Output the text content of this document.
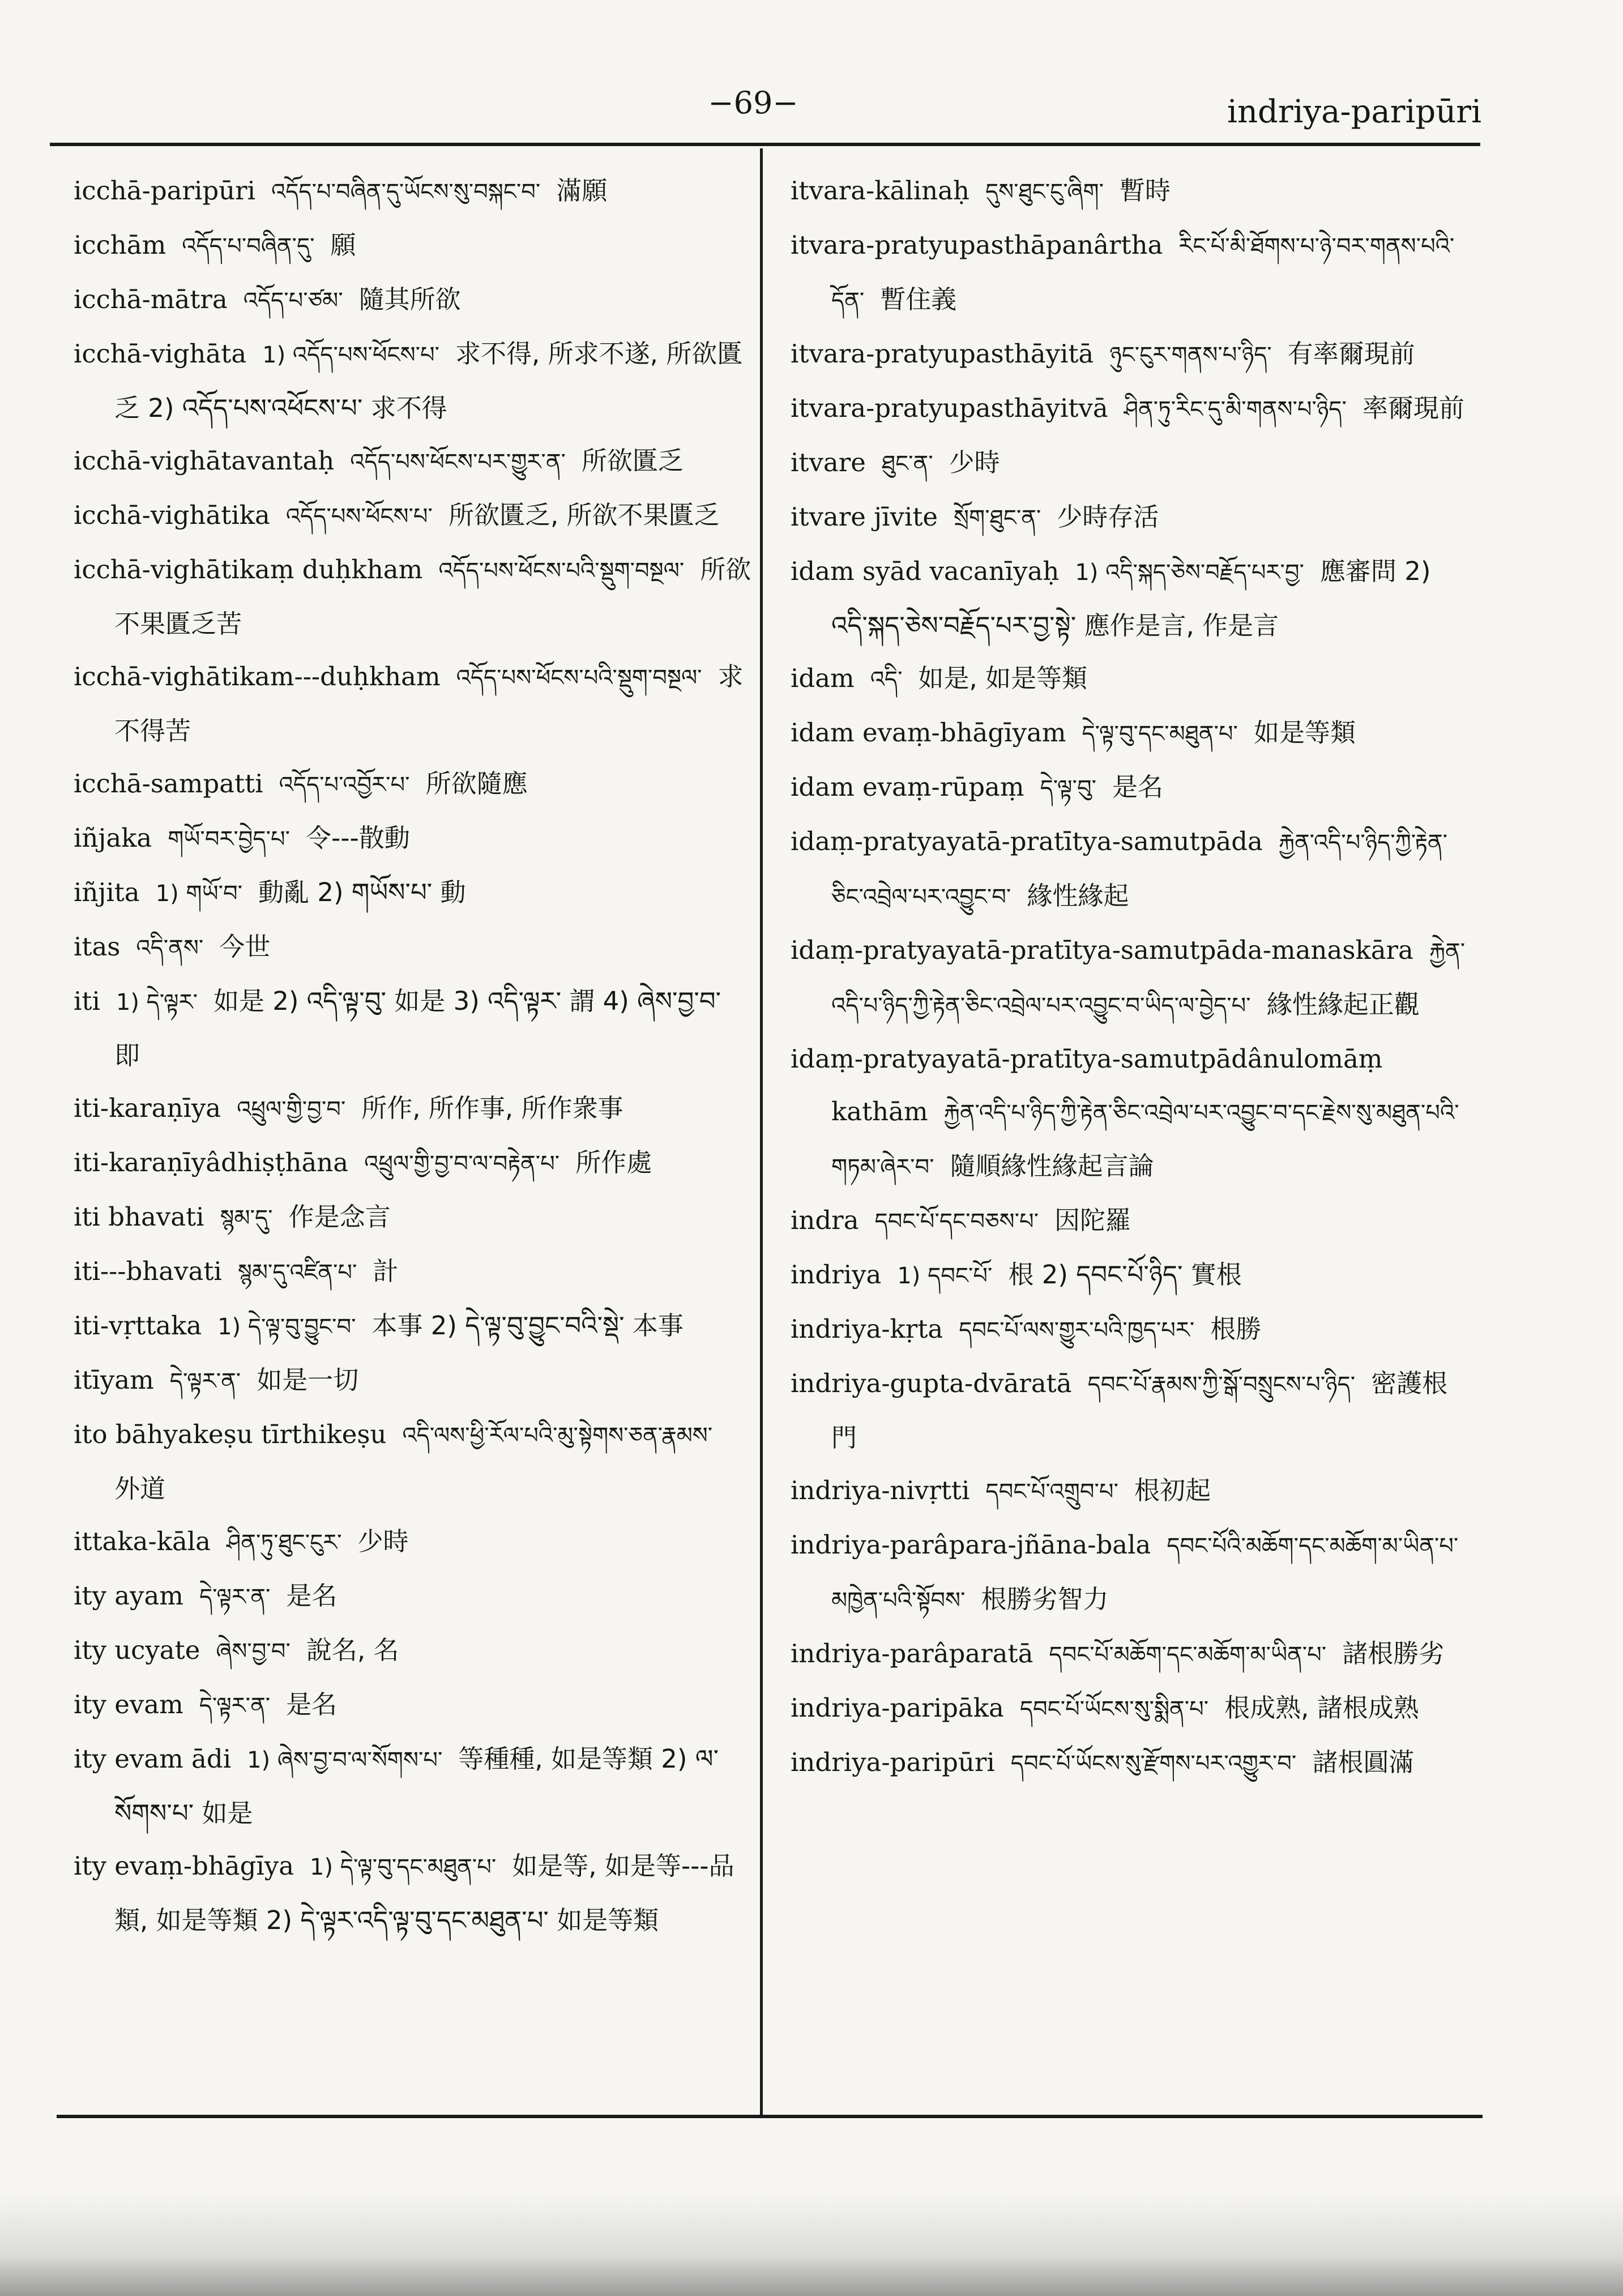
−69−	indriya-paripūri
icchā-paripūri འདོད་པ་བཞིན་དུ་ཡོངས་སུ་བསྐང་བ་ 滿願
icchām འདོད་པ་བཞིན་དུ་ 願
icchā-mātra འདོད་པ་ཙམ་ 隨其所欲
icchā-vighāta 1) འདོད་པས་ཕོངས་པ་ 求不得, 所求不遂, 所欲匱乏 2) འདོད་པས་འཕོངས་པ་ 求不得
icchā-vighātavantaḥ འདོད་པས་ཕོངས་པར་གྱུར་ན་ 所欲匱乏
icchā-vighātika འདོད་པས་ཕོངས་པ་ 所欲匱乏, 所欲不果匱乏
icchā-vighātikaṃ duḥkham འདོད་པས་ཕོངས་པའི་སྡུག་བསྔལ་ 所欲不果匱乏苦
icchā-vighātikam---duḥkham འདོད་པས་ཕོངས་པའི་སྡུག་བསྔལ་ 求不得苦
icchā-sampatti འདོད་པ་འབྱོར་པ་ 所欲隨應
iñjaka གཡོ་བར་བྱེད་པ་ 令---散動
iñjita 1) གཡོ་བ་ 動亂 2) གཡོས་པ་ 動
itas འདི་ནས་ 今世
iti 1) དེ་ལྟར་ 如是 2) འདི་ལྟ་བུ་ 如是 3) འདི་ལྟར་ 謂 4) ཞེས་བྱ་བ་ 即
iti-karaṇīya འཕྲུལ་གྱི་བྱ་བ་ 所作, 所作事, 所作衆事
iti-karaṇīyâdhiṣṭhāna འཕྲུལ་གྱི་བྱ་བ་ལ་བརྟེན་པ་ 所作處
iti bhavati སྙམ་དུ་ 作是念言
iti---bhavati སྙམ་དུ་འཛིན་པ་ 計
iti-vṛttaka 1) དེ་ལྟ་བུ་བྱུང་བ་ 本事 2) དེ་ལྟ་བུ་བྱུང་བའི་སྡེ་ 本事
itīyam དེ་ལྟར་ན་ 如是一切
ito bāhyakeṣu tīrthikeṣu འདི་ལས་ཕྱི་རོལ་པའི་མུ་སྟེགས་ཅན་རྣམས་外道
ittaka-kāla ཤིན་ཏུ་ཐུང་ངུར་ 少時
ity ayam དེ་ལྟར་ན་ 是名
ity ucyate ཞེས་བྱ་བ་ 說名, 名
ity evam དེ་ལྟར་ན་ 是名
ity evam ādi 1) ཞེས་བྱ་བ་ལ་སོགས་པ་ 等種種, 如是等類 2) ལ་སོགས་པ་ 如是
ity evaṃ-bhāgīya 1) དེ་ལྟ་བུ་དང་མཐུན་པ་ 如是等, 如是等---品類, 如是等類 2) དེ་ལྟར་འདི་ལྟ་བུ་དང་མཐུན་པ་ 如是等類
itvara-kālinaḥ དུས་ཐུང་ངུ་ཞིག་ 暫時
itvara-pratyupasthāpanârtha རིང་པོ་མི་ཐོགས་པ་ཉེ་བར་གནས་པའི་དོན་ 暫住義
itvara-pratyupasthāyitā ཉུང་ངུར་གནས་པ་ཉིད་ 有率爾現前
itvara-pratyupasthāyitvā ཤིན་ཏུ་རིང་དུ་མི་གནས་པ་ཉིད་ 率爾現前
itvare ཐུང་ན་ 少時
itvare jīvite སྲོག་ཐུང་ན་ 少時存活
idam syād vacanīyaḥ 1) འདི་སྐད་ཅེས་བརྗོད་པར་བྱ་ 應審問 2) འདི་སྐད་ཅེས་བརྗོད་པར་བྱ་སྟེ་ 應作是言, 作是言
idam འདི་ 如是, 如是等類
idam evaṃ-bhāgīyam དེ་ལྟ་བུ་དང་མཐུན་པ་ 如是等類
idam evaṃ-rūpaṃ དེ་ལྟ་བུ་ 是名
idaṃ-pratyayatā-pratītya-samutpāda རྐྱེན་འདི་པ་ཉིད་ཀྱི་རྟེན་ཅིང་འབྲེལ་པར་འབྱུང་བ་ 緣性緣起
idaṃ-pratyayatā-pratītya-samutpāda-manaskāra རྐྱེན་འདི་པ་ཉིད་ཀྱི་རྟེན་ཅིང་འབྲེལ་པར་འབྱུང་བ་ཡིད་ལ་བྱེད་པ་ 緣性緣起正觀
idaṃ-pratyayatā-pratītya-samutpādânulomāṃ kathām རྐྱེན་འདི་པ་ཉིད་ཀྱི་རྟེན་ཅིང་འབྲེལ་པར་འབྱུང་བ་དང་རྗེས་སུ་མཐུན་པའི་གཏམ་ཞེར་བ་ 隨順緣性緣起言論
indra དབང་པོ་དང་བཅས་པ་ 因陀羅
indriya 1) དབང་པོ་ 根 2) དབང་པོ་ཉིད་ 實根
indriya-kṛta དབང་པོ་ལས་གྱུར་པའི་ཁྱད་པར་ 根勝
indriya-gupta-dvāratā དབང་པོ་རྣམས་ཀྱི་སྒོ་བསྲུངས་པ་ཉིད་ 密護根門
indriya-nivṛtti དབང་པོ་འགྲུབ་པ་ 根初起
indriya-parâpara-jñāna-bala དབང་པོའི་མཆོག་དང་མཆོག་མ་ཡིན་པ་མཁྱེན་པའི་སྟོབས་ 根勝劣智力
indriya-parâparatā དབང་པོ་མཆོག་དང་མཆོག་མ་ཡིན་པ་ 諸根勝劣
indriya-paripāka དབང་པོ་ཡོངས་སུ་སྨིན་པ་ 根成熟, 諸根成熟
indriya-paripūri དབང་པོ་ཡོངས་སུ་རྫོགས་པར་འགྱུར་བ་ 諸根圓滿
